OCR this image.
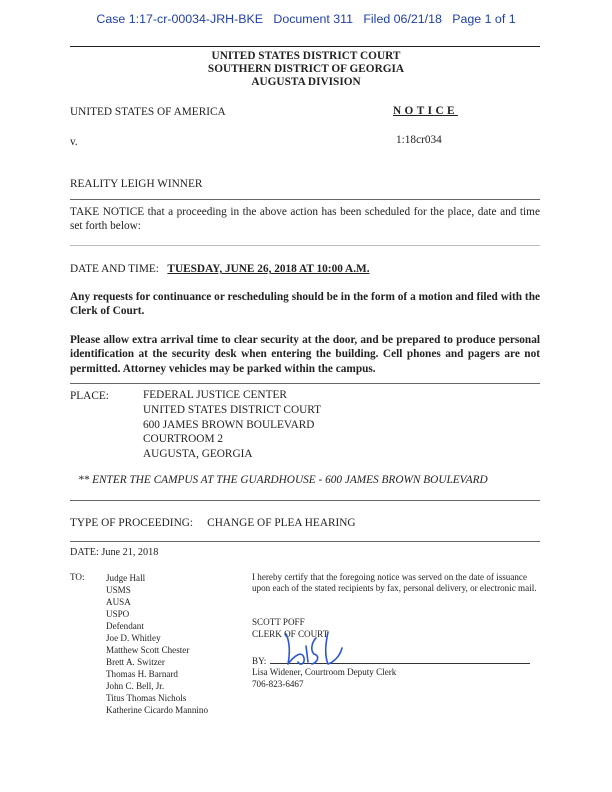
Case 1:17-cr-00034-JRH-BKE   Document 311   Filed 06/21/18   Page 1 of 1
UNITED STATES DISTRICT COURT
SOUTHERN DISTRICT OF GEORGIA
AUGUSTA DIVISION
UNITED STATES OF AMERICA	NOTICE
v.	1:18cr034
REALITY LEIGH WINNER
TAKE NOTICE that a proceeding in the above action has been scheduled for the place, date and time set forth below:
DATE AND TIME: TUESDAY, JUNE 26, 2018 AT 10:00 A.M.
Any requests for continuance or rescheduling should be in the form of a motion and filed with the Clerk of Court.
Please allow extra arrival time to clear security at the door, and be prepared to produce personal identification at the security desk when entering the building. Cell phones and pagers are not permitted. Attorney vehicles may be parked within the campus.
PLACE:	FEDERAL JUSTICE CENTER
UNITED STATES DISTRICT COURT
600 JAMES BROWN BOULEVARD
COURTROOM 2
AUGUSTA, GEORGIA
** ENTER THE CAMPUS AT THE GUARDHOUSE - 600 JAMES BROWN BOULEVARD
TYPE OF PROCEEDING: CHANGE OF PLEA HEARING
DATE: June 21, 2018
TO: Judge Hall
USMS
AUSA
USPO
Defendant
Joe D. Whitley
Matthew Scott Chester
Brett A. Switzer
Thomas H. Barnard
John C. Bell, Jr.
Titus Thomas Nichols
Katherine Cicardo Mannino
I hereby certify that the foregoing notice was served on the date of issuance upon each of the stated recipients by fax, personal delivery, or electronic mail.
SCOTT POFF
CLERK OF COURT
BY:
Lisa Widener, Courtroom Deputy Clerk
706-823-6467
